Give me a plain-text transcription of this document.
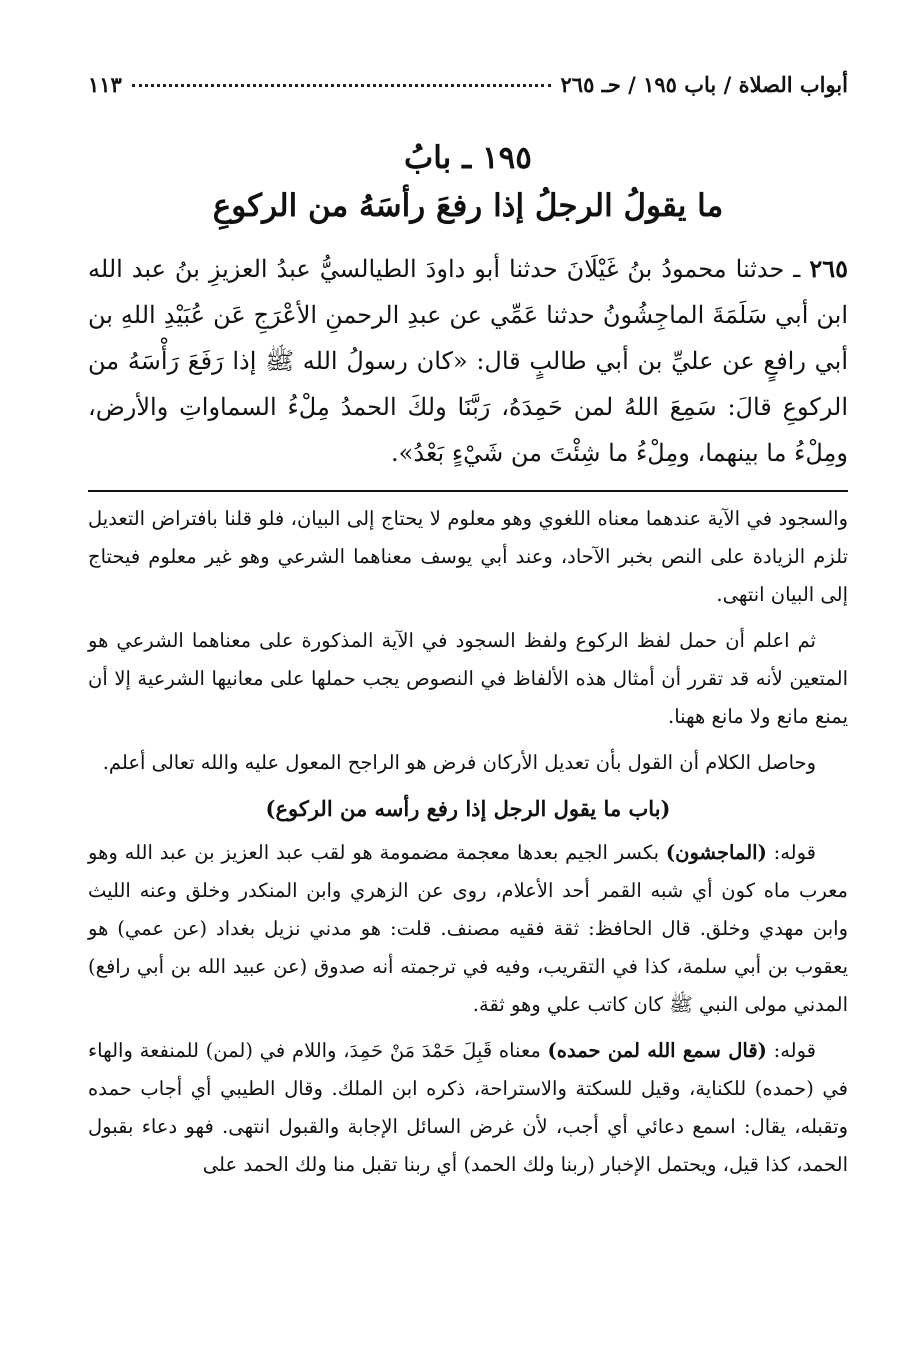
أبواب الصلاة / باب ١٩٥ / حـ ٢٦٥
١١٣
١٩٥ ـ بابُ
ما يقولُ الرجلُ إذا رفعَ رأسَهُ من الركوعِ
٢٦٥ ـ حدثنا محمودُ بنُ غَيْلَانَ حدثنا أبو داودَ الطيالسيُّ عبدُ العزيزِ بنُ عبد الله ابن أبي سَلَمَةَ الماجِشُونُ حدثنا عَمِّي عن عبدِ الرحمنِ الأعْرَجِ عَن عُبَيْدِ اللهِ بن أبي رافعٍ عن عليِّ بن أبي طالبٍ قال: «كان رسولُ الله ﷺ إذا رَفَعَ رَأْسَهُ من الركوعِ قالَ: سَمِعَ اللهُ لمن حَمِدَهُ، رَبَّنَا ولكَ الحمدُ مِلْءُ السماواتِ والأرض، ومِلْءُ ما بينهما، ومِلْءُ ما شِئْتَ من شَيْءٍ بَعْدُ».

والسجود في الآية عندهما معناه اللغوي وهو معلوم لا يحتاج إلى البيان، فلو قلنا بافتراض التعديل تلزم الزيادة على النص بخبر الآحاد، وعند أبي يوسف معناهما الشرعي وهو غير معلوم فيحتاج إلى البيان انتهى.

ثم اعلم أن حمل لفظ الركوع ولفظ السجود في الآية المذكورة على معناهما الشرعي هو المتعين لأنه قد تقرر أن أمثال هذه الألفاظ في النصوص يجب حملها على معانيها الشرعية إلا أن يمنع مانع ولا مانع ههنا.

وحاصل الكلام أن القول بأن تعديل الأركان فرض هو الراجح المعول عليه والله تعالى أعلم.

(باب ما يقول الرجل إذا رفع رأسه من الركوع)

قوله: (الماجشون) بكسر الجيم بعدها معجمة مضمومة هو لقب عبد العزيز بن عبد الله وهو معرب ماه كون أي شبه القمر أحد الأعلام، روى عن الزهري وابن المنكدر وخلق وعنه الليث وابن مهدي وخلق. قال الحافظ: ثقة فقيه مصنف. قلت: هو مدني نزيل بغداد (عن عمي) هو يعقوب بن أبي سلمة، كذا في التقريب، وفيه في ترجمته أنه صدوق (عن عبيد الله بن أبي رافع) المدني مولى النبي ﷺ كان كاتب علي وهو ثقة.

قوله: (قال سمع الله لمن حمده) معناه قَبِلَ حَمْدَ مَنْ حَمِدَ، واللام في (لمن) للمنفعة والهاء في (حمده) للكناية، وقيل للسكتة والاستراحة، ذكره ابن الملك. وقال الطيبي أي أجاب حمده وتقبله، يقال: اسمع دعائي أي أجب، لأن غرض السائل الإجابة والقبول انتهى. فهو دعاء بقبول الحمد، كذا قيل، ويحتمل الإخبار (ربنا ولك الحمد) أي ربنا تقبل منا ولك الحمد على
